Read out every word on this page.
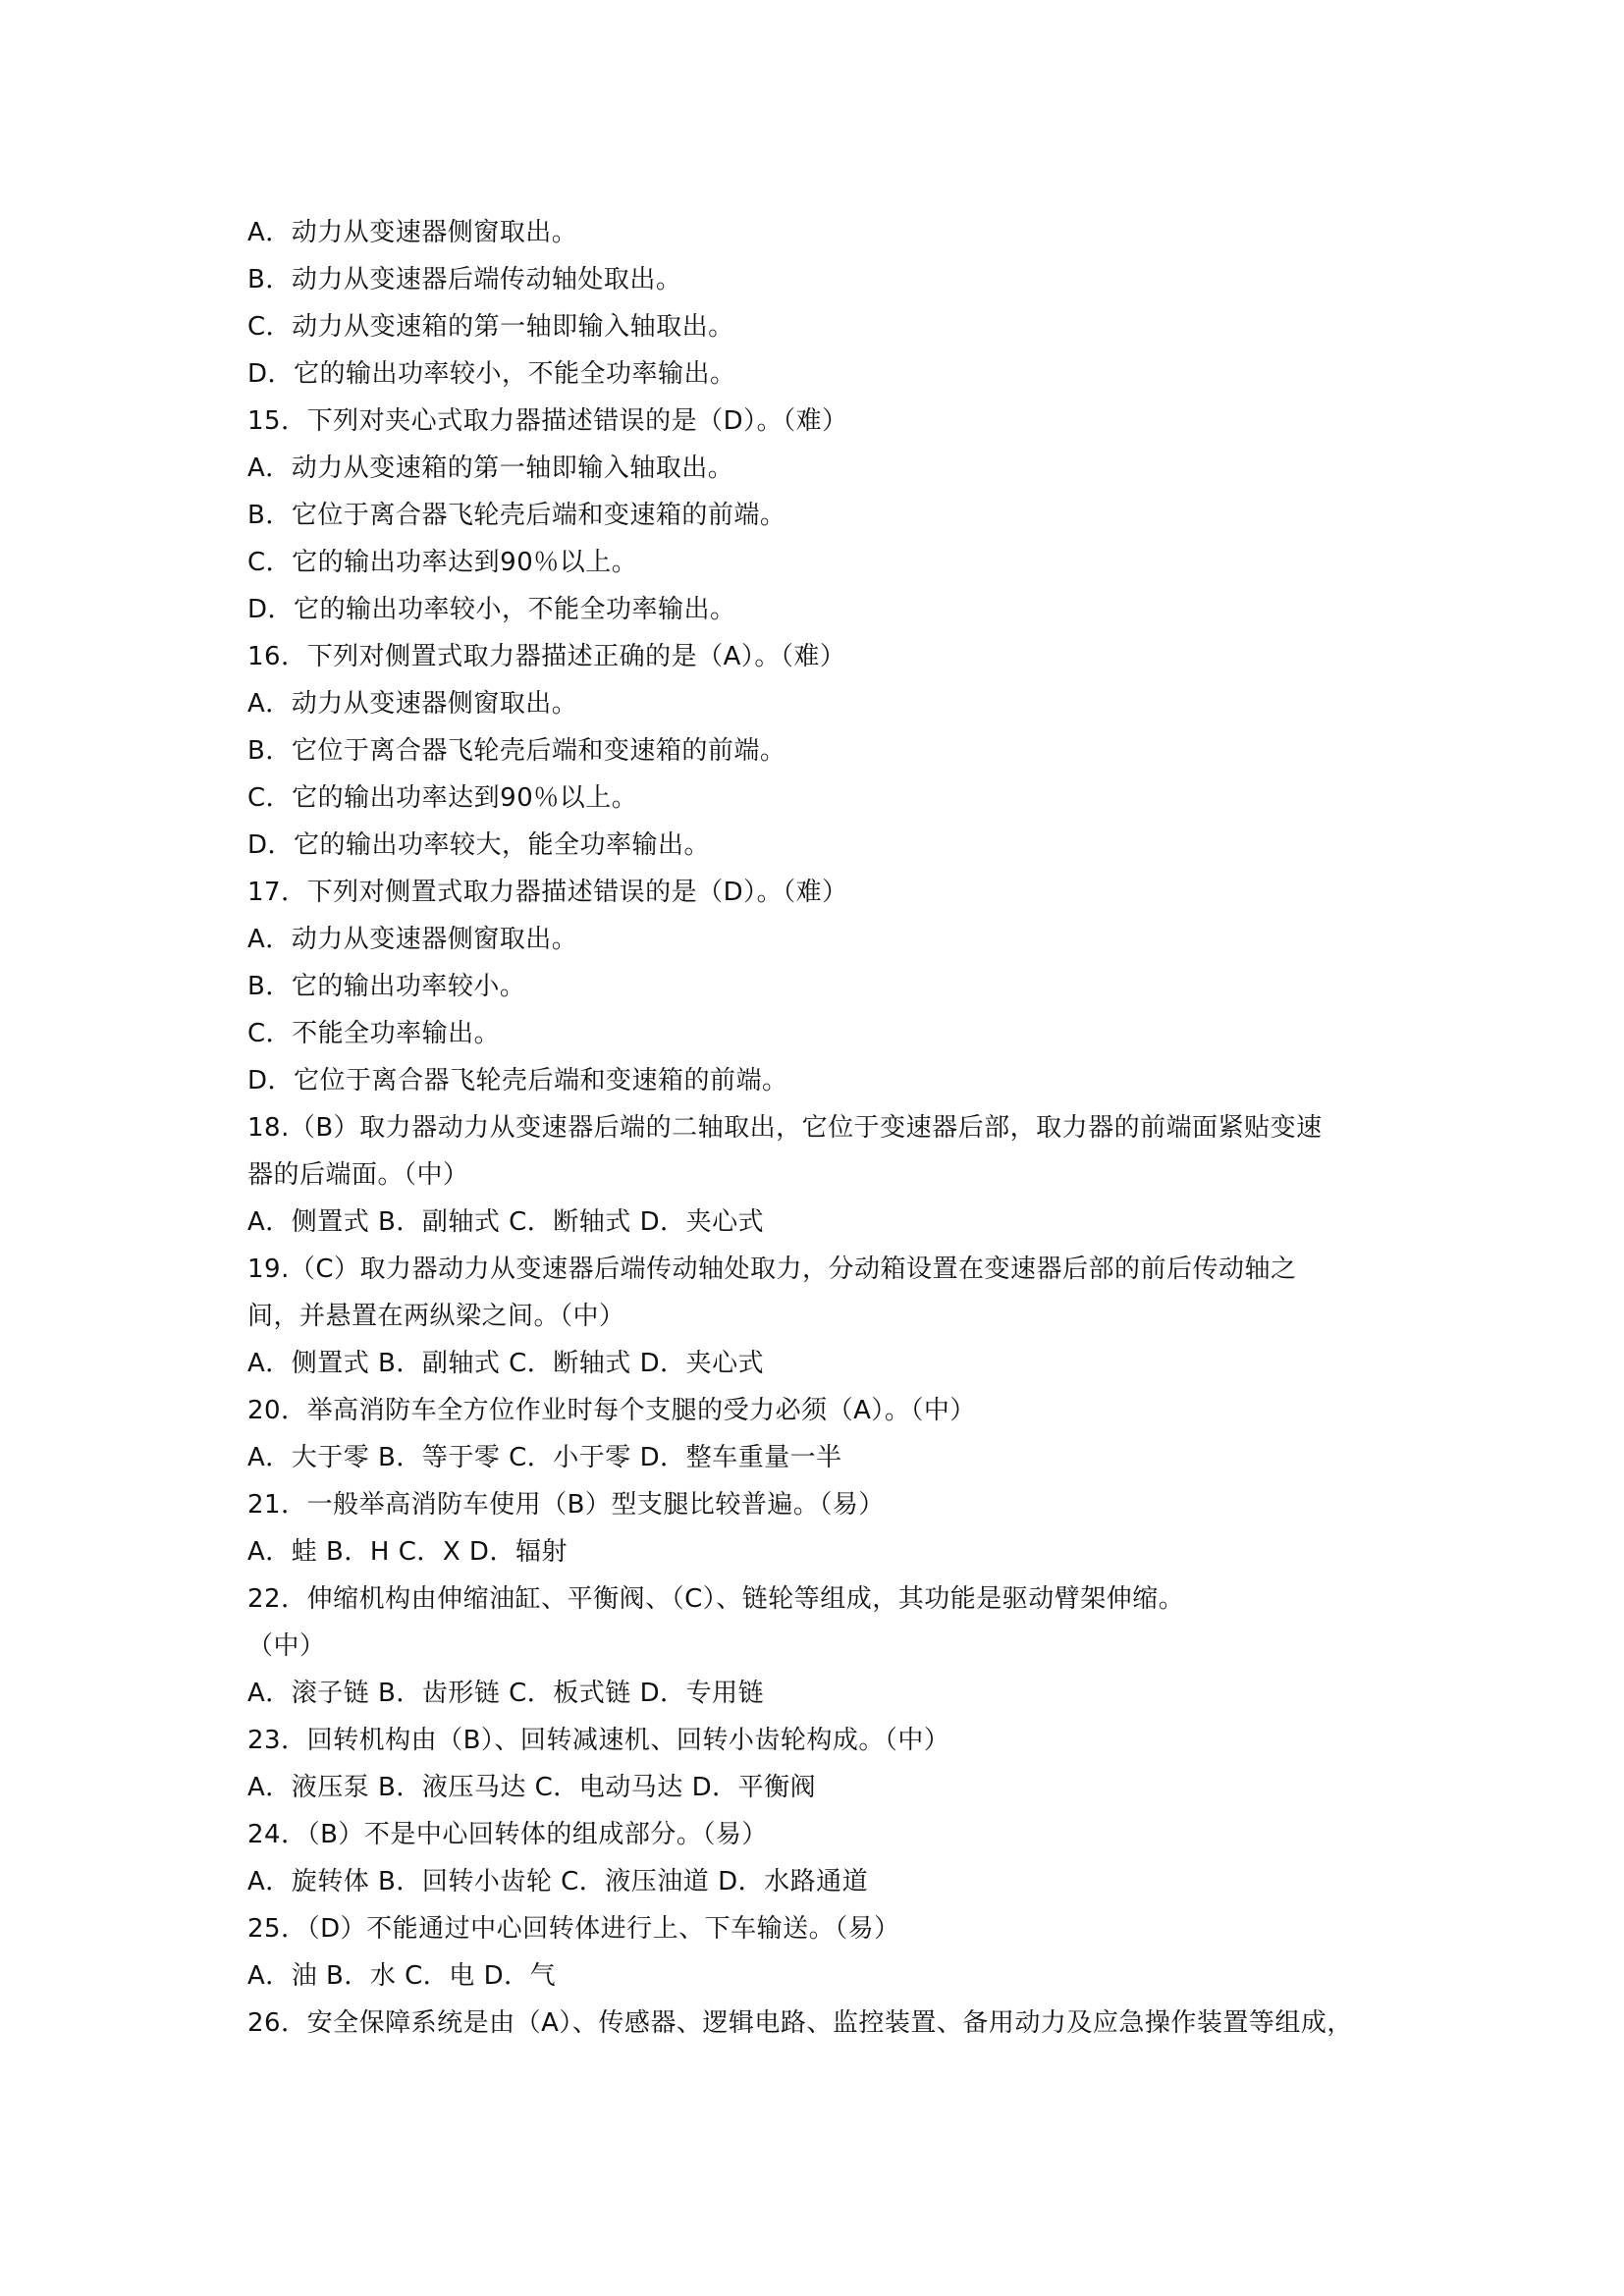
A．动力从变速器侧窗取出。
B．动力从变速器后端传动轴处取出。
C．动力从变速箱的第一轴即输入轴取出。
D．它的输出功率较小，不能全功率输出。
15．下列对夹心式取力器描述错误的是（D）。（难）
A．动力从变速箱的第一轴即输入轴取出。
B．它位于离合器飞轮壳后端和变速箱的前端。
C．它的输出功率达到90％以上。
D．它的输出功率较小，不能全功率输出。
16．下列对侧置式取力器描述正确的是（A）。（难）
A．动力从变速器侧窗取出。
B．它位于离合器飞轮壳后端和变速箱的前端。
C．它的输出功率达到90％以上。
D．它的输出功率较大，能全功率输出。
17．下列对侧置式取力器描述错误的是（D）。（难）
A．动力从变速器侧窗取出。
B．它的输出功率较小。
C．不能全功率输出。
D．它位于离合器飞轮壳后端和变速箱的前端。
18.（B）取力器动力从变速器后端的二轴取出，它位于变速器后部，取力器的前端面紧贴变速
器的后端面。（中）
A．侧置式 B．副轴式 C．断轴式 D．夹心式
19.（C）取力器动力从变速器后端传动轴处取力，分动箱设置在变速器后部的前后传动轴之
间，并悬置在两纵梁之间。（中）
A．侧置式 B．副轴式 C．断轴式 D．夹心式
20．举高消防车全方位作业时每个支腿的受力必须（A）。（中）
A．大于零 B．等于零 C．小于零 D．整车重量一半
21．一般举高消防车使用（B）型支腿比较普遍。（易）
A．蛙 B．H C．X D．辐射
22．伸缩机构由伸缩油缸、平衡阀、（C）、链轮等组成，其功能是驱动臂架伸缩。
（中）
A．滚子链 B．齿形链 C．板式链 D．专用链
23．回转机构由（B）、回转减速机、回转小齿轮构成。（中）
A．液压泵 B．液压马达 C．电动马达 D．平衡阀
24．（B）不是中心回转体的组成部分。（易）
A．旋转体 B．回转小齿轮 C．液压油道 D．水路通道
25．（D）不能通过中心回转体进行上、下车输送。（易）
A．油 B．水 C．电 D．气
26．安全保障系统是由（A）、传感器、逻辑电路、监控装置、备用动力及应急操作装置等组成，
